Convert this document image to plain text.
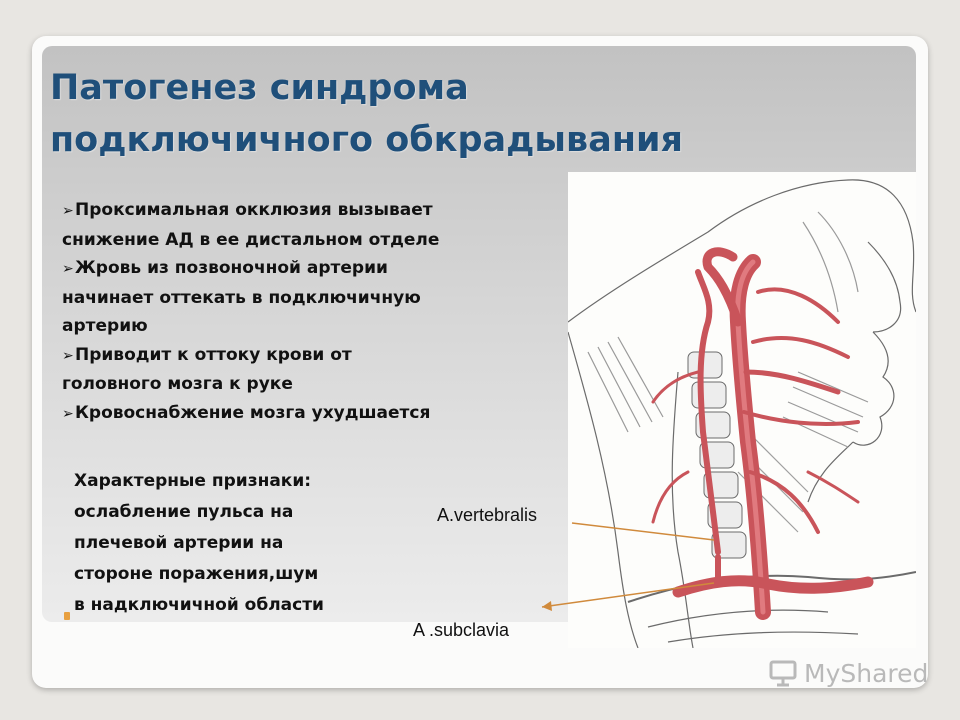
Патогенез синдрома
подключичного обкрадывания
➢Проксимальная окклюзия вызывает
снижение АД в ее дистальном отделе
➢Жровь из позвоночной артерии
начинает оттекать в подключичную
артерию
➢Приводит к оттоку крови от
головного мозга к руке
➢Кровоснабжение мозга ухудшается
Характерные признаки:
ослабление пульса на
плечевой артерии на
стороне поражения,шум
в надключичной области
A.vertebralis
A .subclavia
MyShared
